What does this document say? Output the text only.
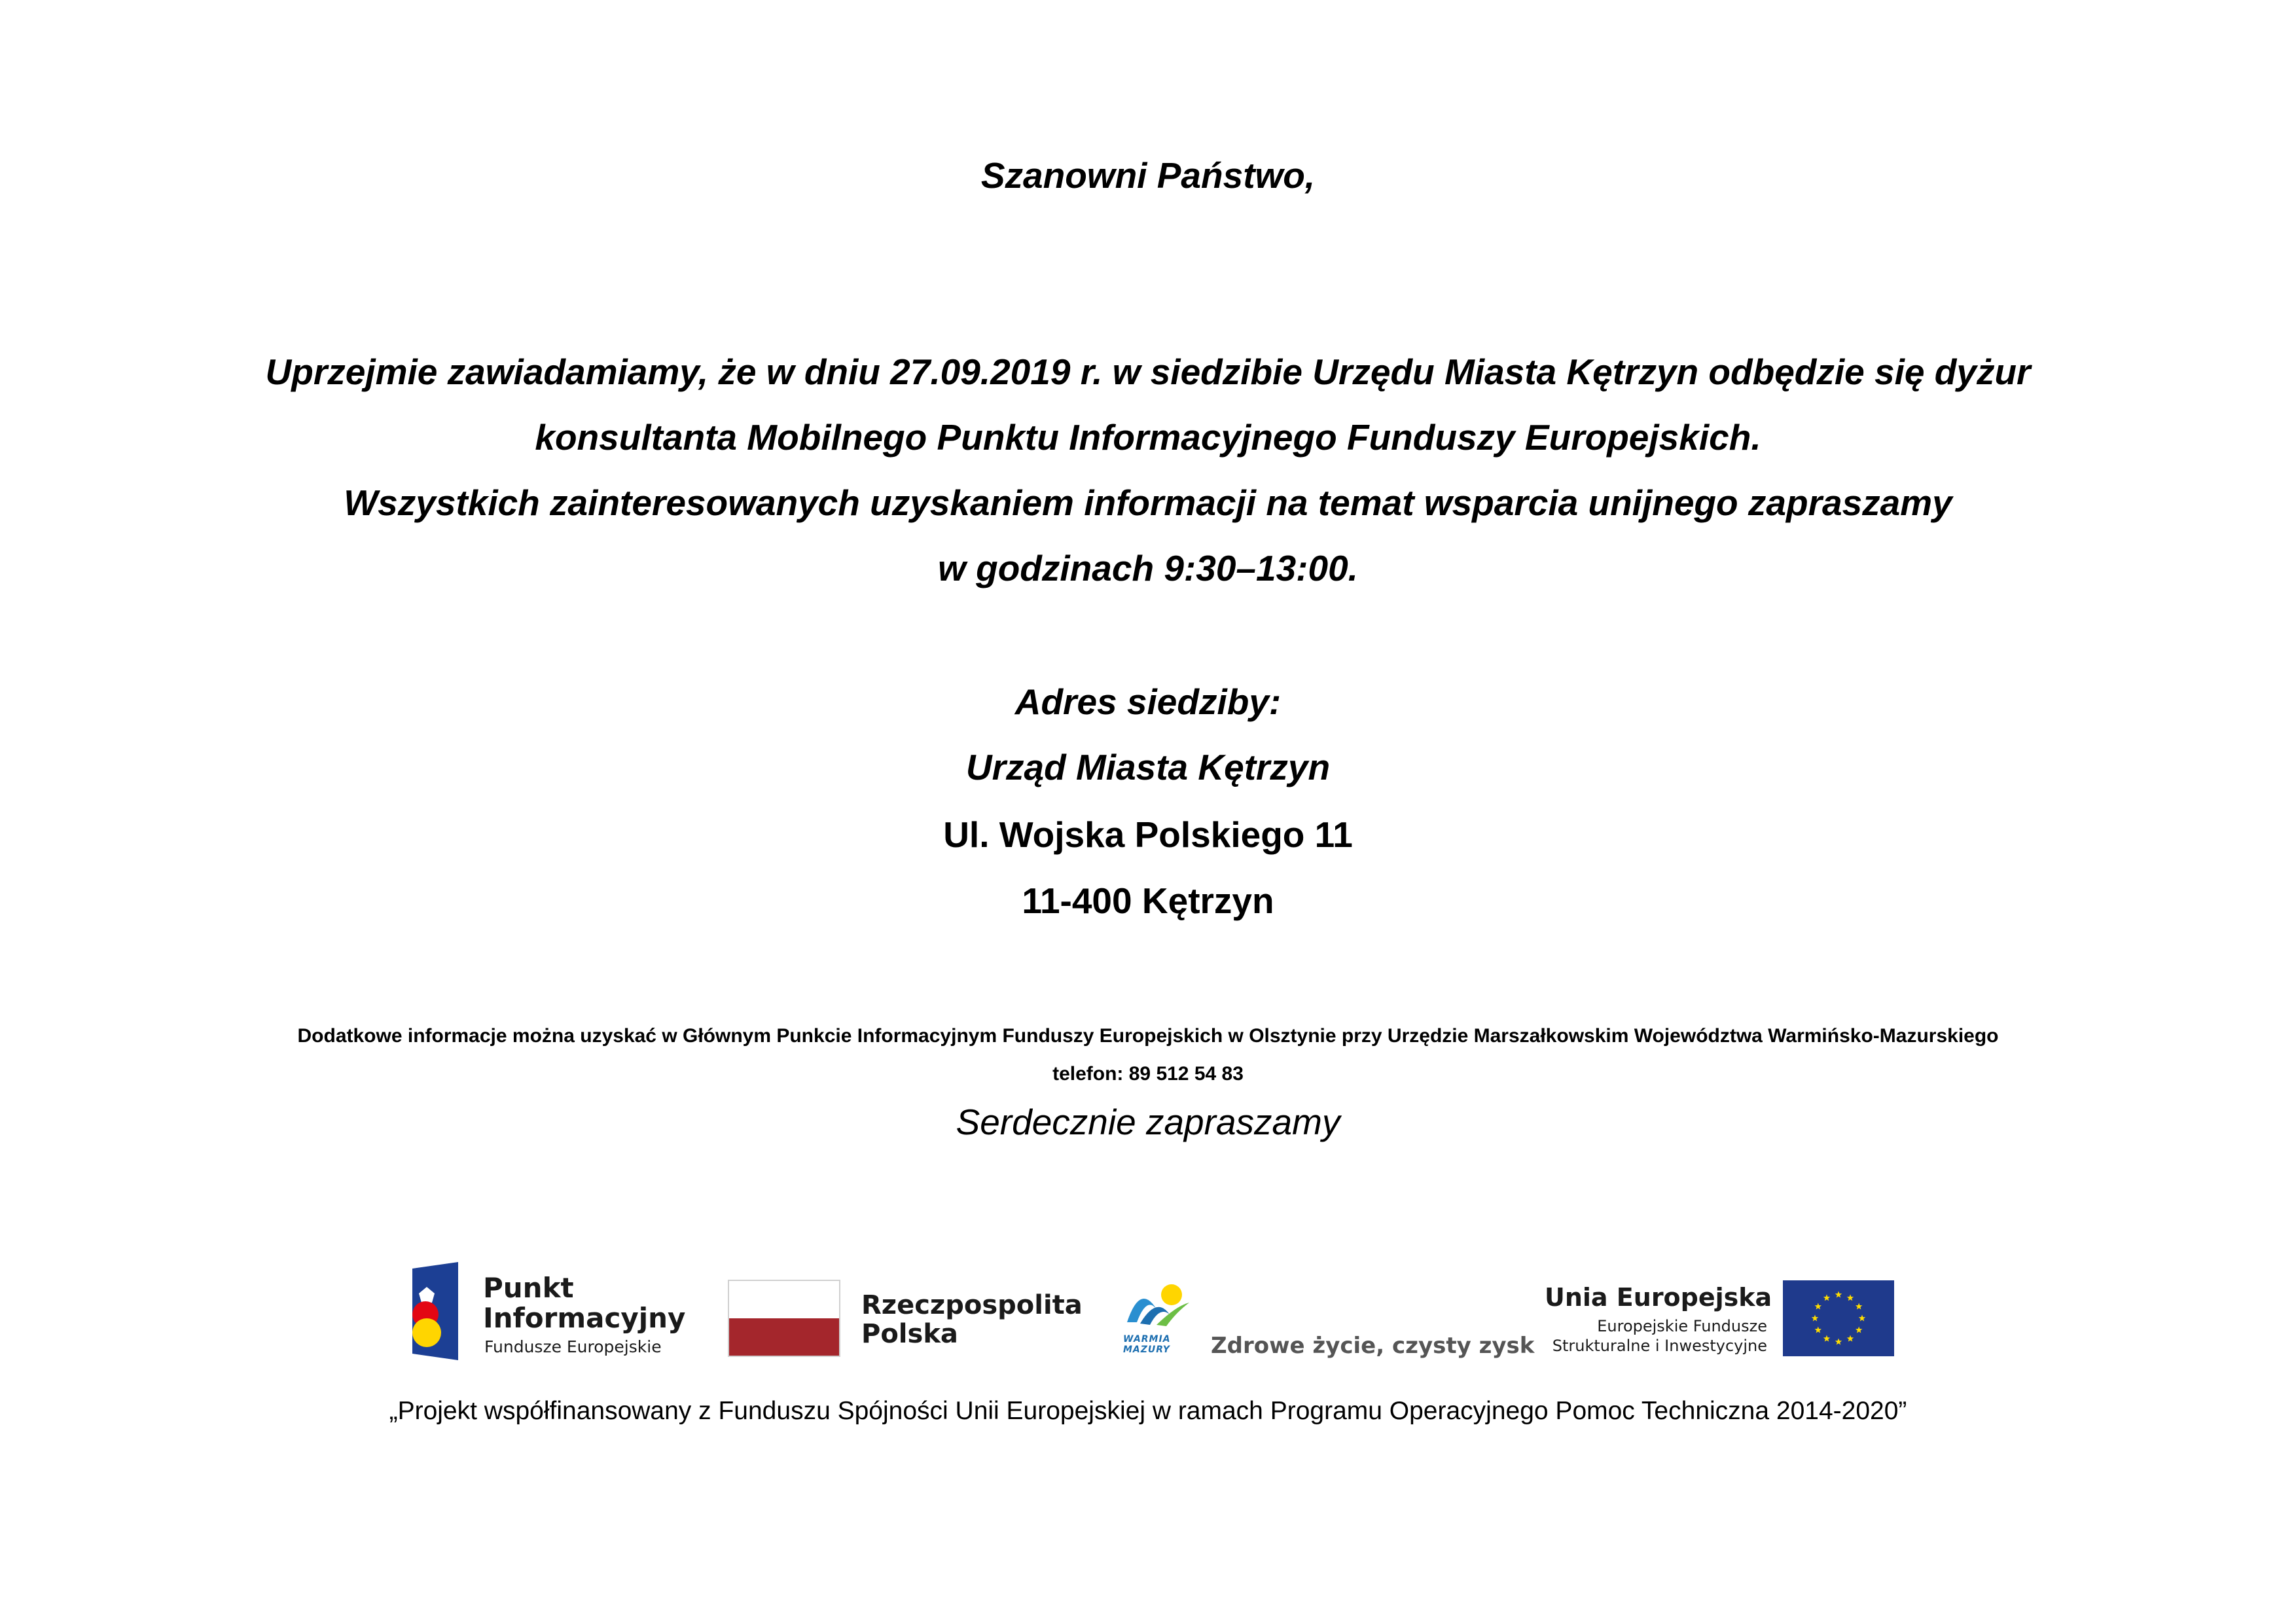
Szanowni Państwo,
Uprzejmie zawiadamiamy, że w dniu 27.09.2019 r. w siedzibie Urzędu Miasta Kętrzyn odbędzie się dyżur
konsultanta Mobilnego Punktu Informacyjnego Funduszy Europejskich.
Wszystkich zainteresowanych uzyskaniem informacji na temat wsparcia unijnego zapraszamy
w godzinach 9:30–13:00.
Adres siedziby:
Urząd Miasta Kętrzyn
Ul. Wojska Polskiego 11
11-400 Kętrzyn
Dodatkowe informacje można uzyskać w Głównym Punkcie Informacyjnym Funduszy Europejskich w Olsztynie przy Urzędzie Marszałkowskim Województwa Warmińsko-Mazurskiego
telefon: 89 512 54 83
Serdecznie zapraszamy
Punkt
Informacyjny
Fundusze Europejskie
Rzeczpospolita
Polska	WARMIA MAZURY	Zdrowe życie, czysty zysk
Unia Europejska
Europejskie Fundusze
Strukturalne i Inwestycyjne
„Projekt współfinansowany z Funduszu Spójności Unii Europejskiej w ramach Programu Operacyjnego Pomoc Techniczna 2014-2020”
